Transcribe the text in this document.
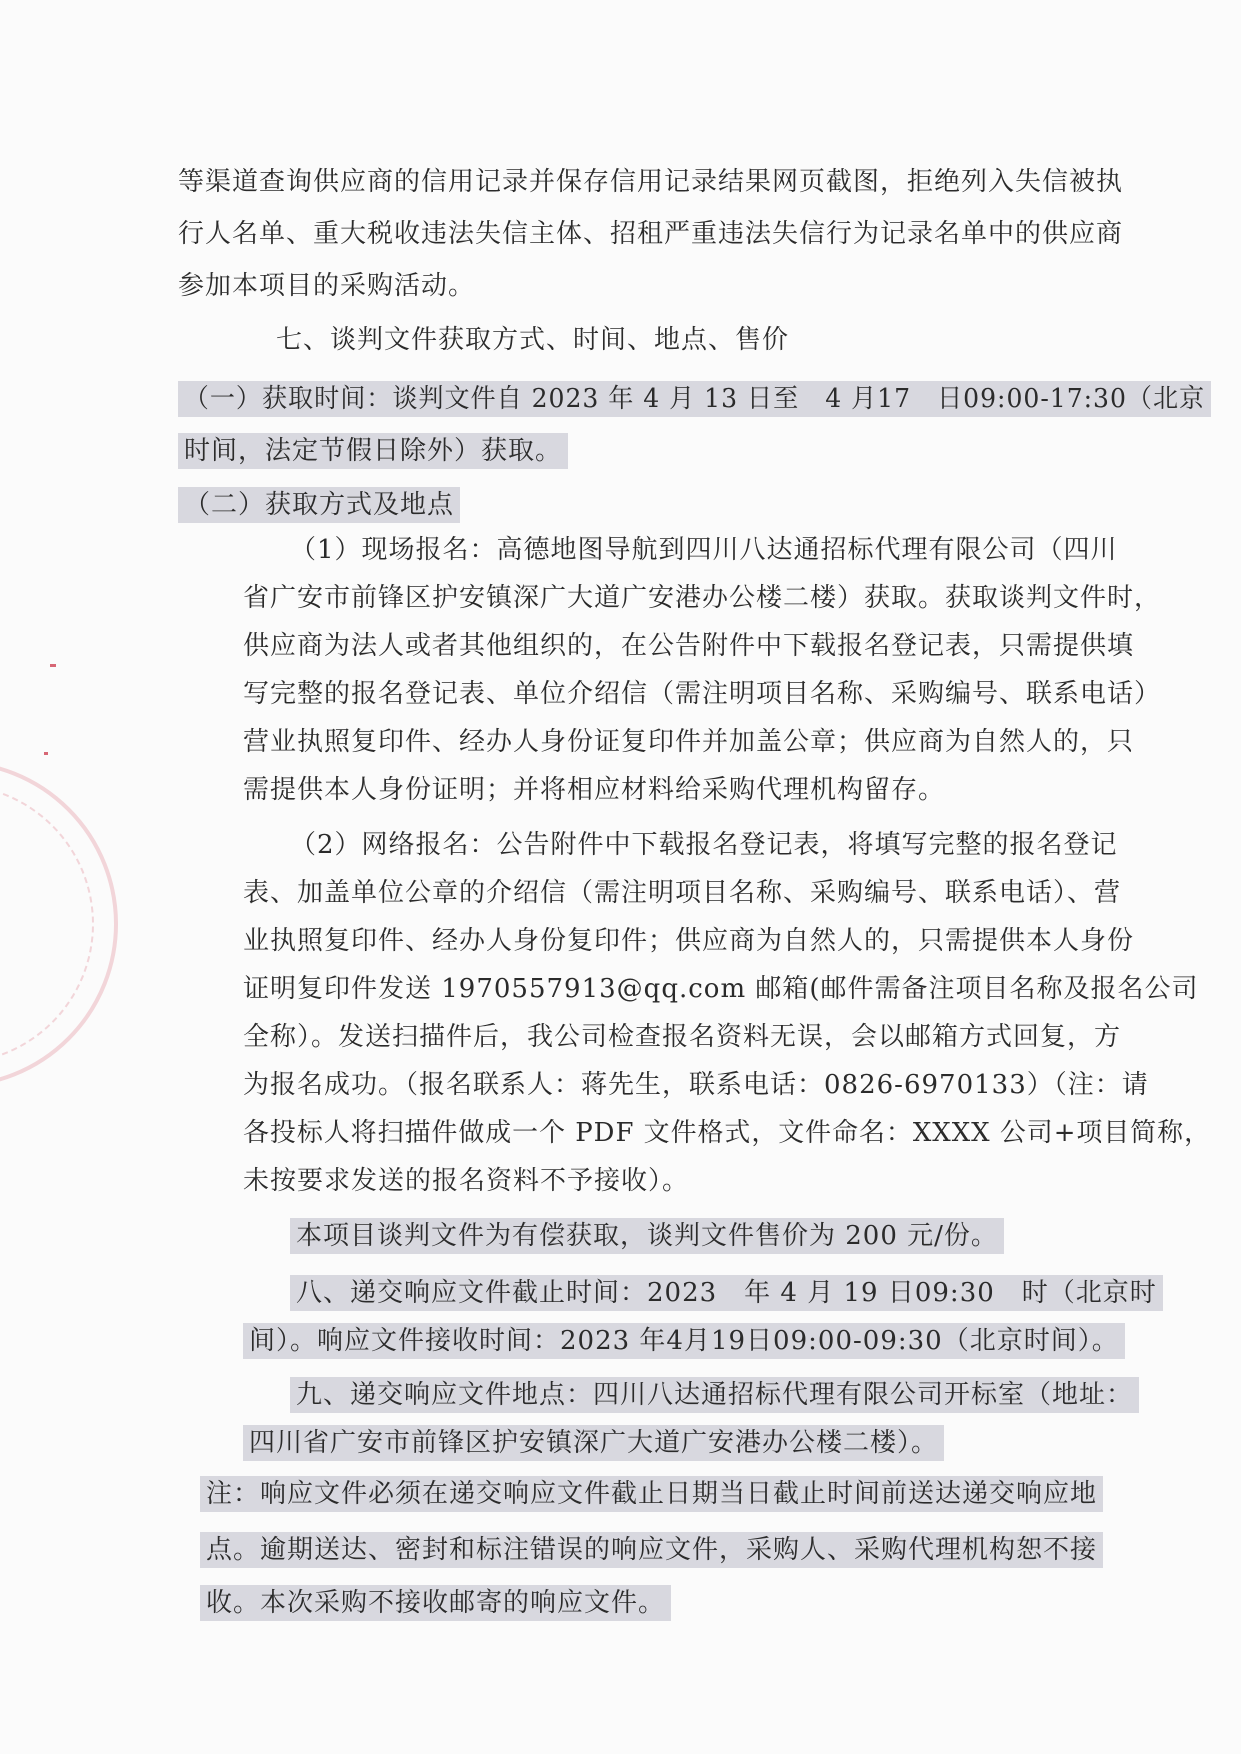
等渠道查询供应商的信用记录并保存信用记录结果网页截图，拒绝列入失信被执
行人名单、重大税收违法失信主体、招租严重违法失信行为记录名单中的供应商
参加本项目的采购活动。
七、谈判文件获取方式、时间、地点、售价
（一）获取时间：谈判文件自 2023 年 4 月 13 日至　4 月17　日09:00-17:30（北京
时间，法定节假日除外）获取。
（二）获取方式及地点
（1）现场报名：高德地图导航到四川八达通招标代理有限公司（四川
省广安市前锋区护安镇深广大道广安港办公楼二楼）获取。获取谈判文件时，
供应商为法人或者其他组织的，在公告附件中下载报名登记表，只需提供填
写完整的报名登记表、单位介绍信（需注明项目名称、采购编号、联系电话）
营业执照复印件、经办人身份证复印件并加盖公章；供应商为自然人的，只
需提供本人身份证明；并将相应材料给采购代理机构留存。
（2）网络报名：公告附件中下载报名登记表，将填写完整的报名登记
表、加盖单位公章的介绍信（需注明项目名称、采购编号、联系电话）、营
业执照复印件、经办人身份复印件；供应商为自然人的，只需提供本人身份
证明复印件发送 1970557913@qq.com 邮箱(邮件需备注项目名称及报名公司
全称）。发送扫描件后，我公司检查报名资料无误，会以邮箱方式回复，方
为报名成功。（报名联系人：蒋先生，联系电话：0826-6970133）（注：请
各投标人将扫描件做成一个 PDF 文件格式，文件命名：XXXX 公司+项目简称，
未按要求发送的报名资料不予接收）。
本项目谈判文件为有偿获取，谈判文件售价为 200 元/份。
八、递交响应文件截止时间：2023　年 4 月 19 日09:30　时（北京时
间）。响应文件接收时间：2023 年4月19日09:00-09:30（北京时间）。
九、递交响应文件地点：四川八达通招标代理有限公司开标室（地址：
四川省广安市前锋区护安镇深广大道广安港办公楼二楼）。
注：响应文件必须在递交响应文件截止日期当日截止时间前送达递交响应地
点。逾期送达、密封和标注错误的响应文件，采购人、采购代理机构恕不接
收。本次采购不接收邮寄的响应文件。
